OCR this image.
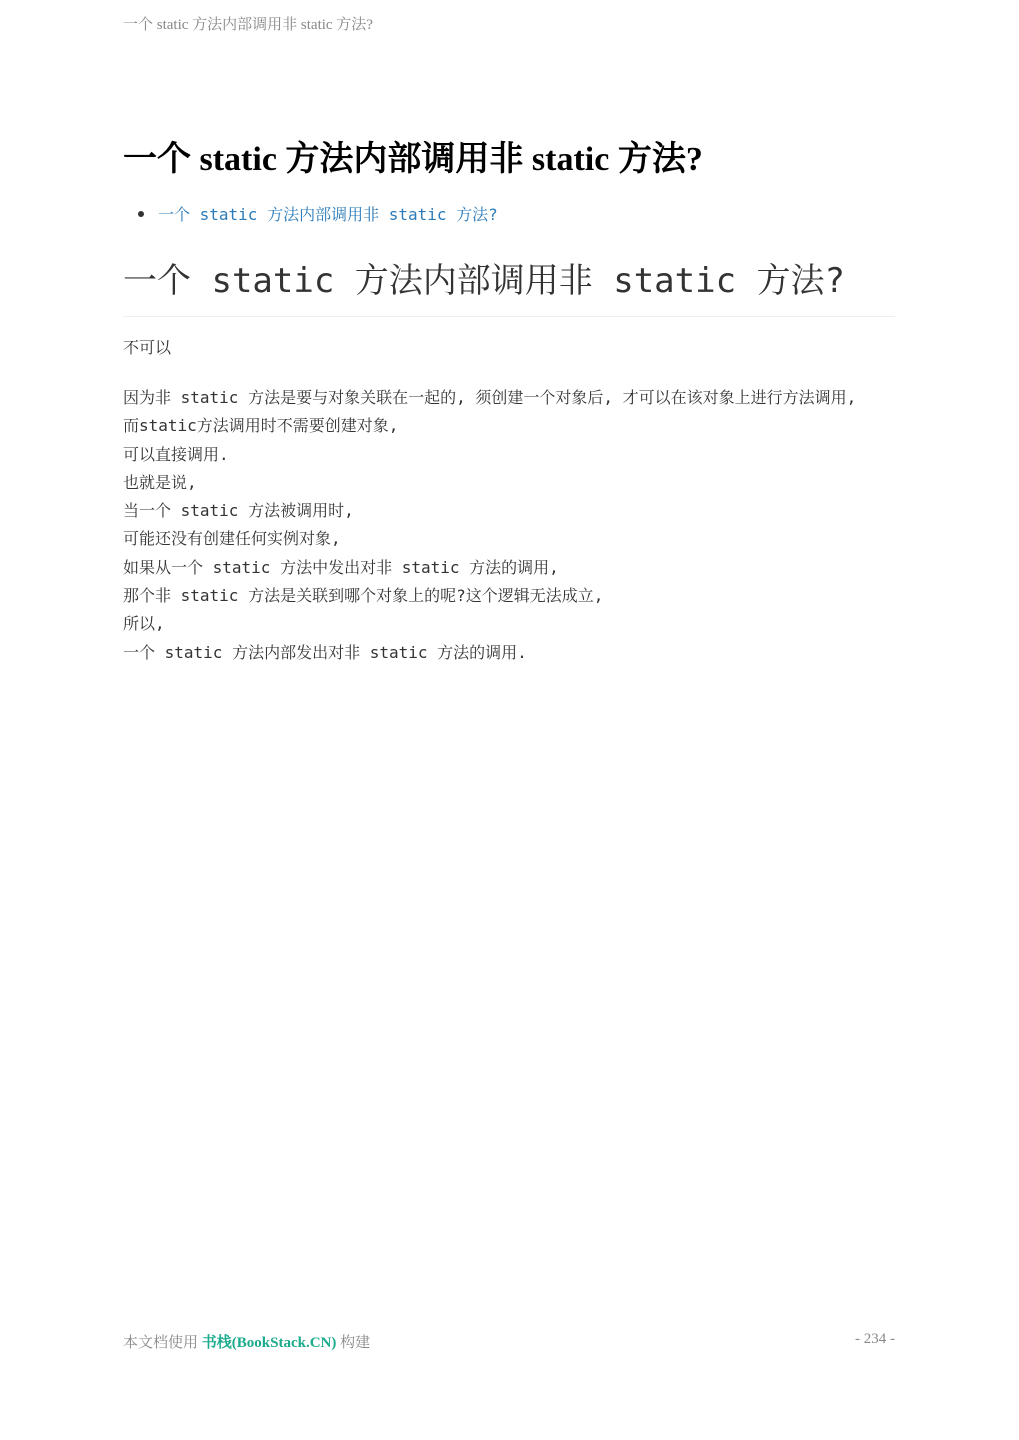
一个 static 方法内部调用非 static 方法?
一个 static 方法内部调用非 static 方法?
一个 static 方法内部调用非 static 方法?
一个 static 方法内部调用非 static 方法?

不可以

因为非 static 方法是要与对象关联在一起的, 须创建一个对象后, 才可以在该对象上进行方法调用,
而static方法调用时不需要创建对象,
可以直接调用.
也就是说,
当一个 static 方法被调用时,
可能还没有创建任何实例对象,
如果从一个 static 方法中发出对非 static 方法的调用,
那个非 static 方法是关联到哪个对象上的呢?这个逻辑无法成立,
所以,
一个 static 方法内部发出对非 static 方法的调用.

本文档使用 书栈(BookStack.CN) 构建	- 234 -
